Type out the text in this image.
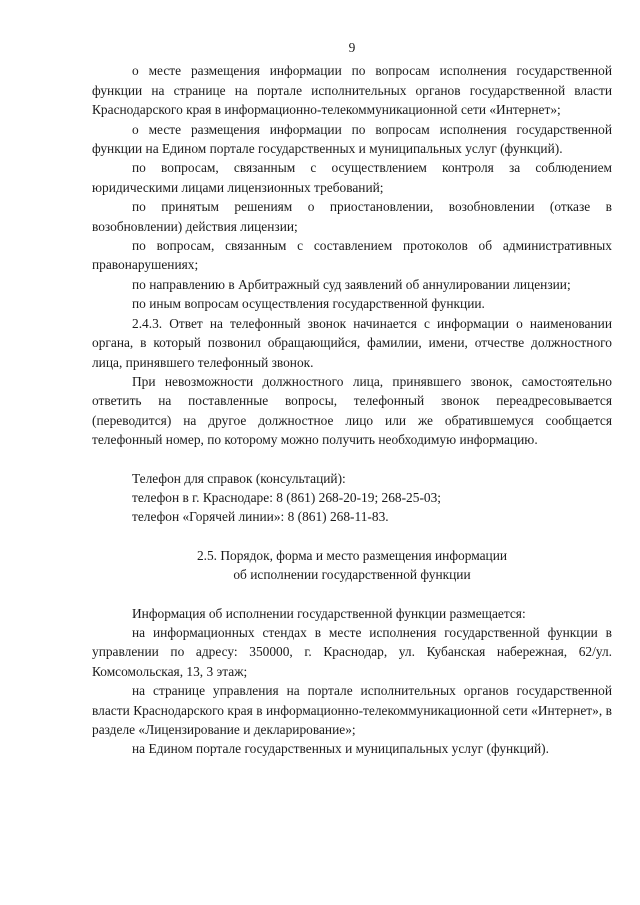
9

о месте размещения информации по вопросам исполнения государственной функции на странице на портале исполнительных органов государственной власти Краснодарского края в информационно-телекоммуникационной сети «Интернет»;

о месте размещения информации по вопросам исполнения государственной функции на Едином портале государственных и муниципальных услуг (функций).

по вопросам, связанным с осуществлением контроля за соблюдением юридическими лицами лицензионных требований;

по принятым решениям о приостановлении, возобновлении (отказе в возобновлении) действия лицензии;

по вопросам, связанным с составлением протоколов об административных правонарушениях;

по направлению в Арбитражный суд заявлений об аннулировании лицензии;

по иным вопросам осуществления государственной функции.

2.4.3. Ответ на телефонный звонок начинается с информации о наименовании органа, в который позвонил обращающийся, фамилии, имени, отчестве должностного лица, принявшего телефонный звонок.

При невозможности должностного лица, принявшего звонок, самостоятельно ответить на поставленные вопросы, телефонный звонок переадресовывается (переводится) на другое должностное лицо или же обратившемуся сообщается телефонный номер, по которому можно получить необходимую информацию.

Телефон для справок (консультаций):

телефон в г. Краснодаре: 8 (861) 268-20-19; 268-25-03;

телефон «Горячей линии»: 8 (861) 268-11-83.

2.5. Порядок, форма и место размещения информации

об исполнении государственной функции

Информация об исполнении государственной функции размещается:

на информационных стендах в месте исполнения государственной функции в управлении по адресу: 350000, г. Краснодар, ул. Кубанская набережная, 62/ул. Комсомольская, 13, 3 этаж;

на странице управления на портале исполнительных органов государственной власти Краснодарского края в информационно-телекоммуникационной сети «Интернет», в разделе «Лицензирование и декларирование»;

на Едином портале государственных и муниципальных услуг (функций).
